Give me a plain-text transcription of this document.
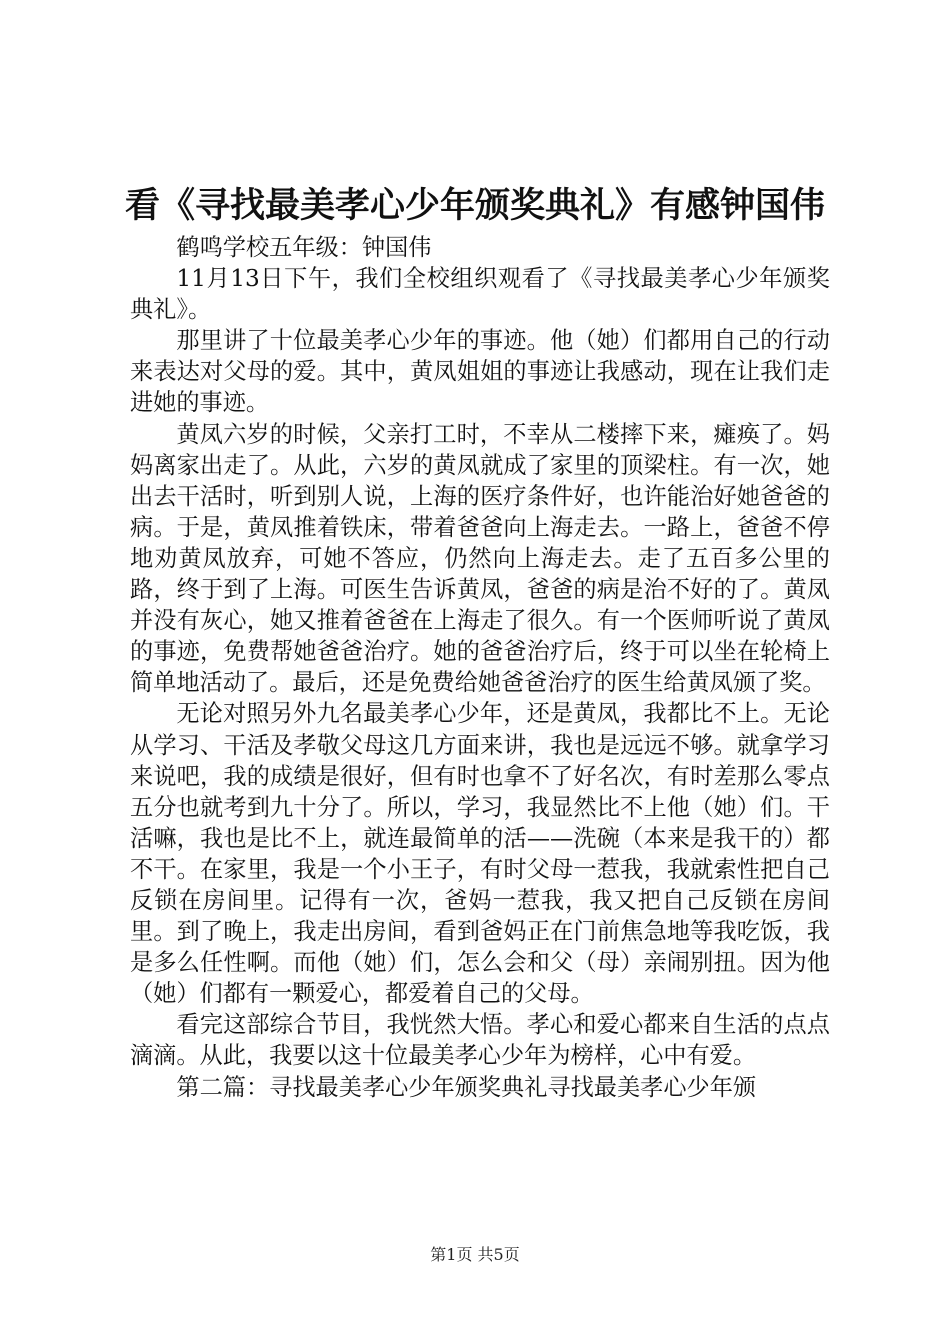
看《寻找最美孝心少年颁奖典礼》有感钟国伟

鹤鸣学校五年级：钟国伟

11月13日下午，我们全校组织观看了《寻找最美孝心少年颁奖典礼》。

那里讲了十位最美孝心少年的事迹。他（她）们都用自己的行动来表达对父母的爱。其中，黄凤姐姐的事迹让我感动，现在让我们走进她的事迹。

黄凤六岁的时候，父亲打工时，不幸从二楼摔下来，瘫痪了。妈妈离家出走了。从此，六岁的黄凤就成了家里的顶梁柱。有一次，她出去干活时，听到别人说，上海的医疗条件好，也许能治好她爸爸的病。于是，黄凤推着铁床，带着爸爸向上海走去。一路上，爸爸不停地劝黄凤放弃，可她不答应，仍然向上海走去。走了五百多公里的路，终于到了上海。可医生告诉黄凤，爸爸的病是治不好的了。黄凤并没有灰心，她又推着爸爸在上海走了很久。有一个医师听说了黄凤的事迹，免费帮她爸爸治疗。她的爸爸治疗后，终于可以坐在轮椅上简单地活动了。最后，还是免费给她爸爸治疗的医生给黄凤颁了奖。

无论对照另外九名最美孝心少年，还是黄凤，我都比不上。无论从学习、干活及孝敬父母这几方面来讲，我也是远远不够。就拿学习来说吧，我的成绩是很好，但有时也拿不了好名次，有时差那么零点五分也就考到九十分了。所以，学习，我显然比不上他（她）们。干活嘛，我也是比不上，就连最简单的活——洗碗（本来是我干的）都不干。在家里，我是一个小王子，有时父母一惹我，我就索性把自己反锁在房间里。记得有一次，爸妈一惹我，我又把自己反锁在房间里。到了晚上，我走出房间，看到爸妈正在门前焦急地等我吃饭，我是多么任性啊。而他（她）们，怎么会和父（母）亲闹别扭。因为他（她）们都有一颗爱心，都爱着自己的父母。

看完这部综合节目，我恍然大悟。孝心和爱心都来自生活的点点滴滴。从此，我要以这十位最美孝心少年为榜样，心中有爱。

第二篇：寻找最美孝心少年颁奖典礼寻找最美孝心少年颁

第1页 共5页
